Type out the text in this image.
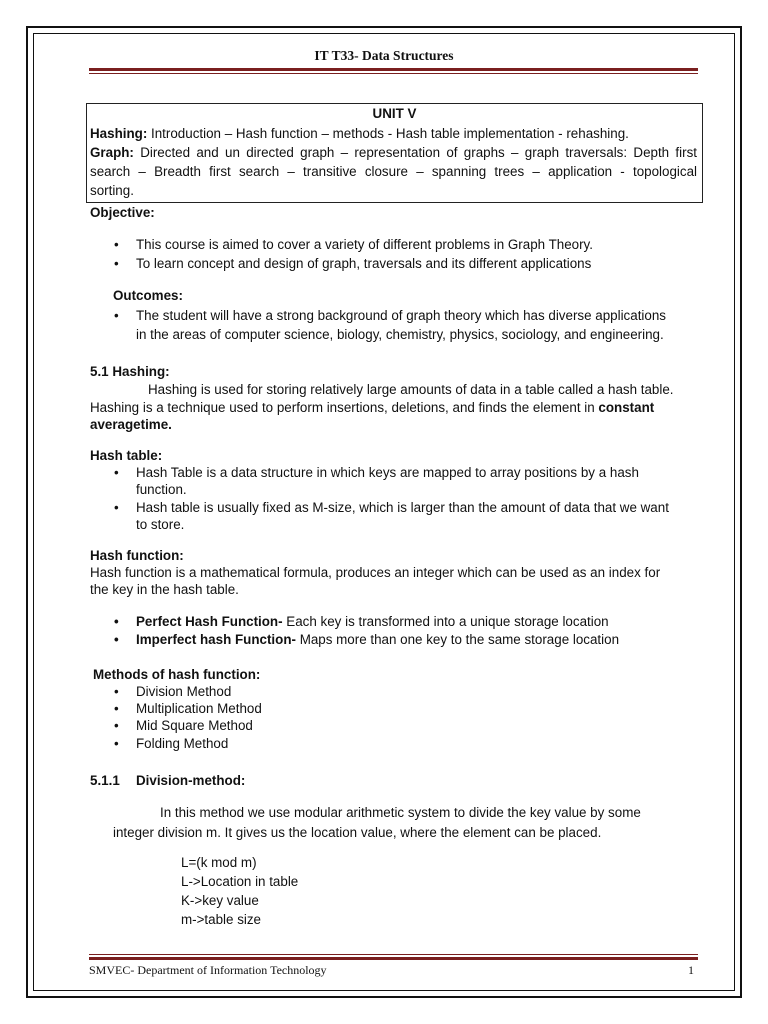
IT T33- Data Structures
UNIT V
Hashing: Introduction – Hash function – methods - Hash table implementation - rehashing.
Graph: Directed and un directed graph – representation of graphs – graph traversals: Depth first
search – Breadth first search – transitive closure – spanning trees – application - topological
sorting.
Objective:
• This course is aimed to cover a variety of different problems in Graph Theory.
• To learn concept and design of graph, traversals and its different applications
Outcomes:
• The student will have a strong background of graph theory which has diverse applications
in the areas of computer science, biology, chemistry, physics, sociology, and engineering.
5.1 Hashing:
Hashing is used for storing relatively large amounts of data in a table called a hash table.
Hashing is a technique used to perform insertions, deletions, and finds the element in constant
averagetime.
Hash table:
• Hash Table is a data structure in which keys are mapped to array positions by a hash
function.
• Hash table is usually fixed as M-size, which is larger than the amount of data that we want
to store.
Hash function:
Hash function is a mathematical formula, produces an integer which can be used as an index for
the key in the hash table.
• Perfect Hash Function- Each key is transformed into a unique storage location
• Imperfect hash Function- Maps more than one key to the same storage location
Methods of hash function:
• Division Method
• Multiplication Method
• Mid Square Method
• Folding Method
5.1.1 Division-method:
In this method we use modular arithmetic system to divide the key value by some
integer division m. It gives us the location value, where the element can be placed.
L=(k mod m)
L->Location in table
K->key value
m->table size
SMVEC- Department of Information Technology	1
